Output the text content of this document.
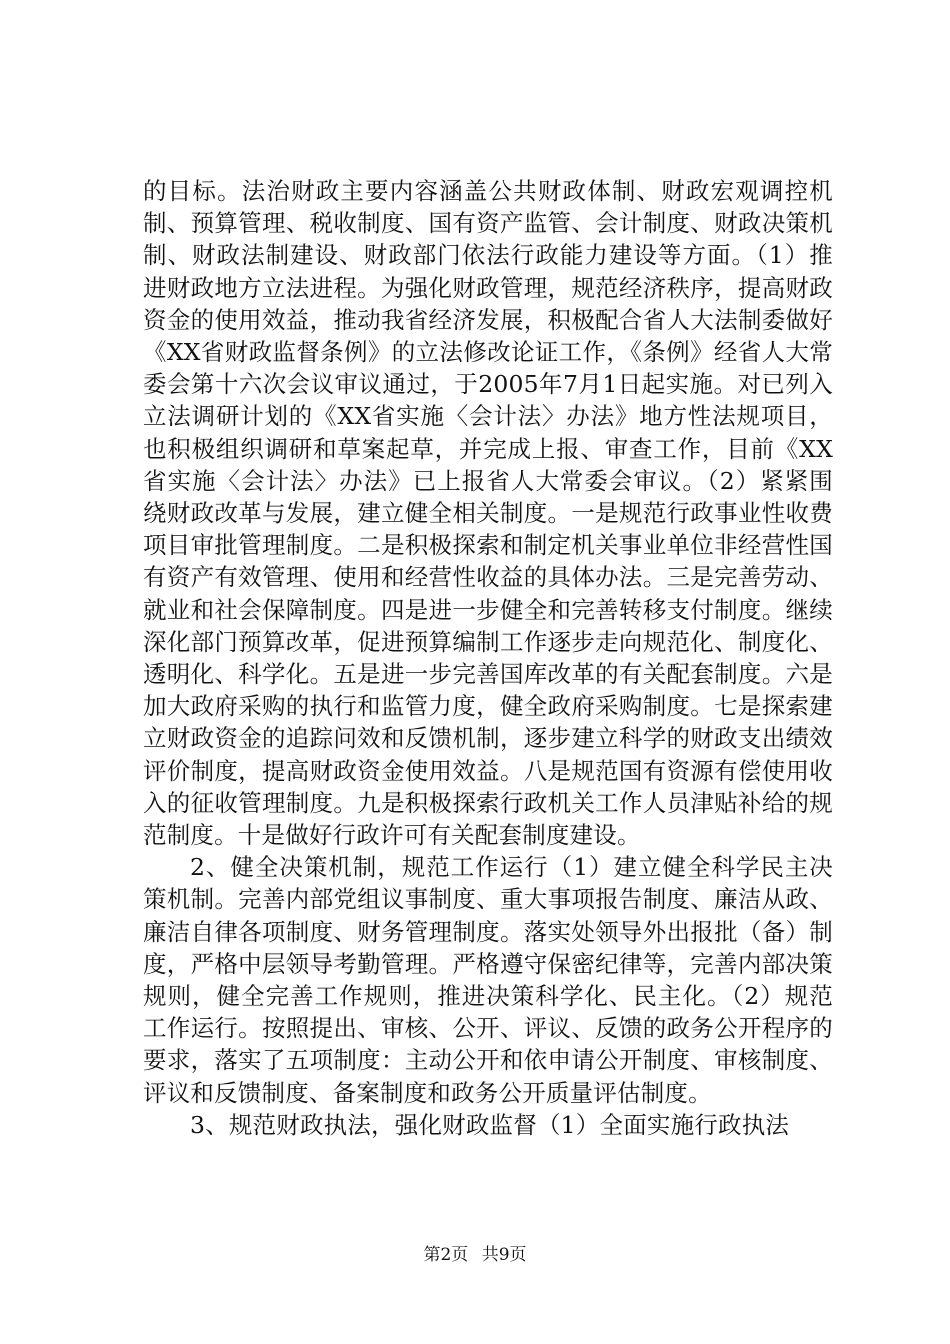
的目标。法治财政主要内容涵盖公共财政体制、财政宏观调控机制、预算管理、税收制度、国有资产监管、会计制度、财政决策机制、财政法制建设、财政部门依法行政能力建设等方面。（1）推进财政地方立法进程。为强化财政管理，规范经济秩序，提高财政资金的使用效益，推动我省经济发展，积极配合省人大法制委做好《XX省财政监督条例》的立法修改论证工作，《条例》经省人大常委会第十六次会议审议通过，于2005年7月1日起实施。对已列入立法调研计划的《XX省实施〈会计法〉办法》地方性法规项目，也积极组织调研和草案起草，并完成上报、审查工作，目前《XX省实施〈会计法〉办法》已上报省人大常委会审议。（2）紧紧围绕财政改革与发展，建立健全相关制度。一是规范行政事业性收费项目审批管理制度。二是积极探索和制定机关事业单位非经营性国有资产有效管理、使用和经营性收益的具体办法。三是完善劳动、就业和社会保障制度。四是进一步健全和完善转移支付制度。继续深化部门预算改革，促进预算编制工作逐步走向规范化、制度化、透明化、科学化。五是进一步完善国库改革的有关配套制度。六是加大政府采购的执行和监管力度，健全政府采购制度。七是探索建立财政资金的追踪问效和反馈机制，逐步建立科学的财政支出绩效评价制度，提高财政资金使用效益。八是规范国有资源有偿使用收入的征收管理制度。九是积极探索行政机关工作人员津贴补给的规范制度。十是做好行政许可有关配套制度建设。

2、健全决策机制，规范工作运行（1）建立健全科学民主决策机制。完善内部党组议事制度、重大事项报告制度、廉洁从政、廉洁自律各项制度、财务管理制度。落实处领导外出报批（备）制度，严格中层领导考勤管理。严格遵守保密纪律等，完善内部决策规则，健全完善工作规则，推进决策科学化、民主化。（2）规范工作运行。按照提出、审核、公开、评议、反馈的政务公开程序的要求，落实了五项制度：主动公开和依申请公开制度、审核制度、评议和反馈制度、备案制度和政务公开质量评估制度。

3、规范财政执法，强化财政监督（1）全面实施行政执法

第2页 共9页
